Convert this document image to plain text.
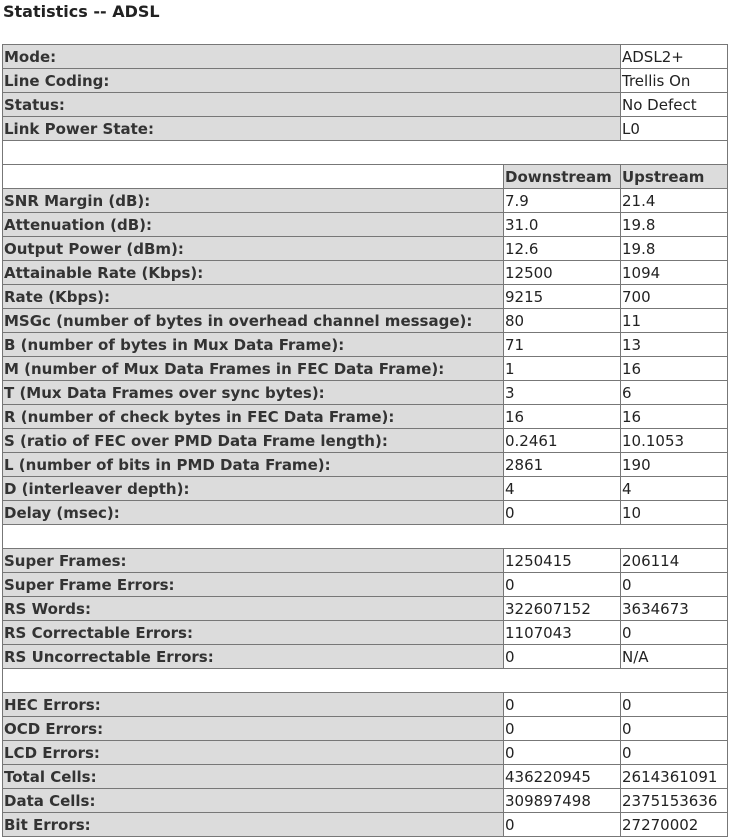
Statistics -- ADSL
Mode:		ADSL2+
Line Coding:		Trellis On
Status:		No Defect
Link Power State:		L0

	Downstream	Upstream
SNR Margin (dB):	7.9	21.4
Attenuation (dB):	31.0	19.8
Output Power (dBm):	12.6	19.8
Attainable Rate (Kbps):	12500	1094
Rate (Kbps):	9215	700
MSGc (number of bytes in overhead channel message):	80	11
B (number of bytes in Mux Data Frame):	71	13
M (number of Mux Data Frames in FEC Data Frame):	1	16
T (Mux Data Frames over sync bytes):	3	6
R (number of check bytes in FEC Data Frame):	16	16
S (ratio of FEC over PMD Data Frame length):	0.2461	10.1053
L (number of bits in PMD Data Frame):	2861	190
D (interleaver depth):	4	4
Delay (msec):	0	10

Super Frames:	1250415	206114
Super Frame Errors:	0	0
RS Words:	322607152	3634673
RS Correctable Errors:	1107043	0
RS Uncorrectable Errors:	0	N/A

HEC Errors:	0	0
OCD Errors:	0	0
LCD Errors:	0	0
Total Cells:	436220945	2614361091
Data Cells:	309897498	2375153636
Bit Errors:	0	27270002
